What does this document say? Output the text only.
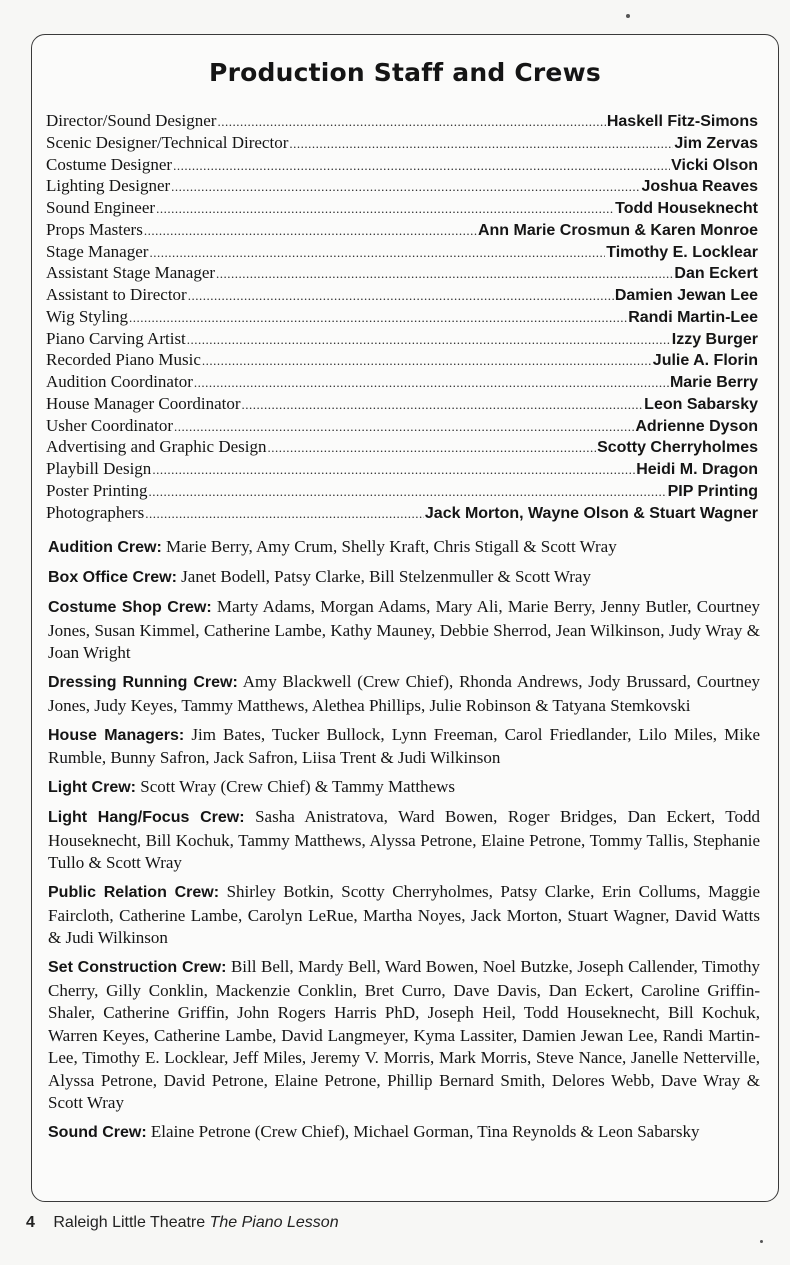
Production Staff and Crews
Director/Sound Designer .....	Haskell Fitz-Simons
Scenic Designer/Technical Director .....	Jim Zervas
Costume Designer .....	Vicki Olson
Lighting Designer .....	Joshua Reaves
Sound Engineer .....	Todd Houseknecht
Props Masters .....	Ann Marie Crosmun & Karen Monroe
Stage Manager .....	Timothy E. Locklear
Assistant Stage Manager .....	Dan Eckert
Assistant to Director .....	Damien Jewan Lee
Wig Styling .....	Randi Martin-Lee
Piano Carving Artist .....	Izzy Burger
Recorded Piano Music .....	Julie A. Florin
Audition Coordinator .....	Marie Berry
House Manager Coordinator .....	Leon Sabarsky
Usher Coordinator .....	Adrienne Dyson
Advertising and Graphic Design .....	Scotty Cherryholmes
Playbill Design .....	Heidi M. Dragon
Poster Printing .....	PIP Printing
Photographers .....	Jack Morton, Wayne Olson & Stuart Wagner
Audition Crew: Marie Berry, Amy Crum, Shelly Kraft, Chris Stigall & Scott Wray
Box Office Crew: Janet Bodell, Patsy Clarke, Bill Stelzenmuller & Scott Wray
Costume Shop Crew: Marty Adams, Morgan Adams, Mary Ali, Marie Berry, Jenny Butler, Courtney Jones, Susan Kimmel, Catherine Lambe, Kathy Mauney, Debbie Sherrod, Jean Wilkinson, Judy Wray & Joan Wright
Dressing Running Crew: Amy Blackwell (Crew Chief), Rhonda Andrews, Jody Brussard, Courtney Jones, Judy Keyes, Tammy Matthews, Alethea Phillips, Julie Robinson & Tatyana Stemkovski
House Managers: Jim Bates, Tucker Bullock, Lynn Freeman, Carol Friedlander, Lilo Miles, Mike Rumble, Bunny Safron, Jack Safron, Liisa Trent & Judi Wilkinson
Light Crew: Scott Wray (Crew Chief) & Tammy Matthews
Light Hang/Focus Crew: Sasha Anistratova, Ward Bowen, Roger Bridges, Dan Eckert, Todd Houseknecht, Bill Kochuk, Tammy Matthews, Alyssa Petrone, Elaine Petrone, Tommy Tallis, Stephanie Tullo & Scott Wray
Public Relation Crew: Shirley Botkin, Scotty Cherryholmes, Patsy Clarke, Erin Collums, Maggie Faircloth, Catherine Lambe, Carolyn LeRue, Martha Noyes, Jack Morton, Stuart Wagner, David Watts & Judi Wilkinson
Set Construction Crew: Bill Bell, Mardy Bell, Ward Bowen, Noel Butzke, Joseph Callender, Timothy Cherry, Gilly Conklin, Mackenzie Conklin, Bret Curro, Dave Davis, Dan Eckert, Caroline Griffin-Shaler, Catherine Griffin, John Rogers Harris PhD, Joseph Heil, Todd Houseknecht, Bill Kochuk, Warren Keyes, Catherine Lambe, David Langmeyer, Kyma Lassiter, Damien Jewan Lee, Randi Martin-Lee, Timothy E. Locklear, Jeff Miles, Jeremy V. Morris, Mark Morris, Steve Nance, Janelle Netterville, Alyssa Petrone, David Petrone, Elaine Petrone, Phillip Bernard Smith, Delores Webb, Dave Wray & Scott Wray
Sound Crew: Elaine Petrone (Crew Chief), Michael Gorman, Tina Reynolds & Leon Sabarsky
4 Raleigh Little Theatre The Piano Lesson
